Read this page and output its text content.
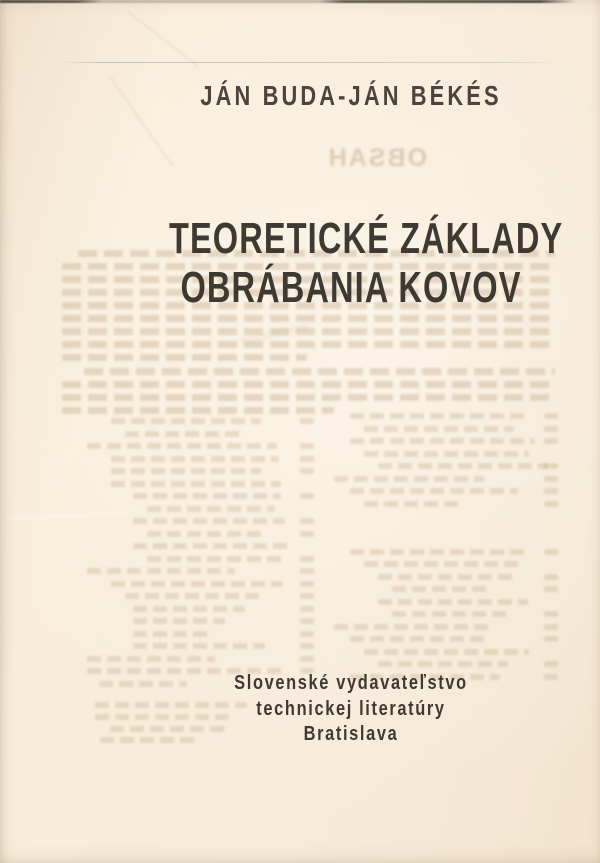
OBSAH
JÁN BUDA-JÁN BÉKÉS
TEORETICKÉ ZÁKLADY
OBRÁBANIA KOVOV
Slovenské vydavateľstvo
technickej literatúry
Bratislava
